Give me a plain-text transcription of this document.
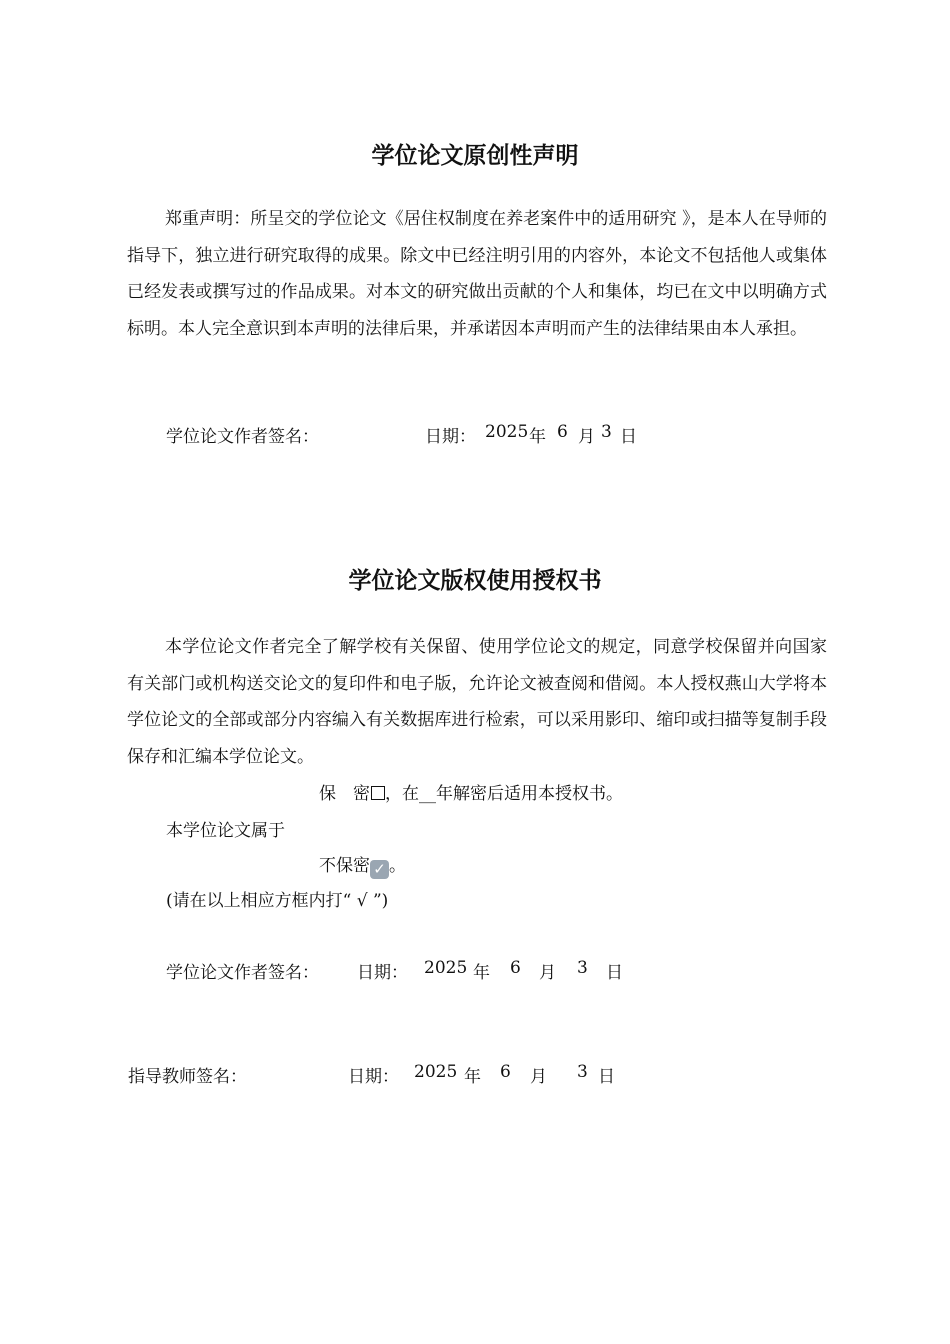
学位论文原创性声明
郑重声明：所呈交的学位论文《居住权制度在养老案件中的适用研究 》，是本人在导师的指导下，独立进行研究取得的成果。除文中已经注明引用的内容外，本论文不包括他人或集体已经发表或撰写过的作品成果。对本文的研究做出贡献的个人和集体，均已在文中以明确方式标明。本人完全意识到本声明的法律后果，并承诺因本声明而产生的法律结果由本人承担。
学位论文作者签名：	日期： 2025 年 6 月 3 日
学位论文版权使用授权书
本学位论文作者完全了解学校有关保留、使用学位论文的规定，同意学校保留并向国家有关部门或机构送交论文的复印件和电子版，允许论文被查阅和借阅。本人授权燕山大学将本学位论文的全部或部分内容编入有关数据库进行检索，可以采用影印、缩印或扫描等复制手段保存和汇编本学位论文。
保　密 ，在__年解密后适用本授权书。
本学位论文属于
不保密 ✓ 。
(请在以上相应方框内打“ √ ”)
学位论文作者签名： 日期： 2025 年 6 月 3 日
指导教师签名：	日期： 2025 年 6 月 3 日
